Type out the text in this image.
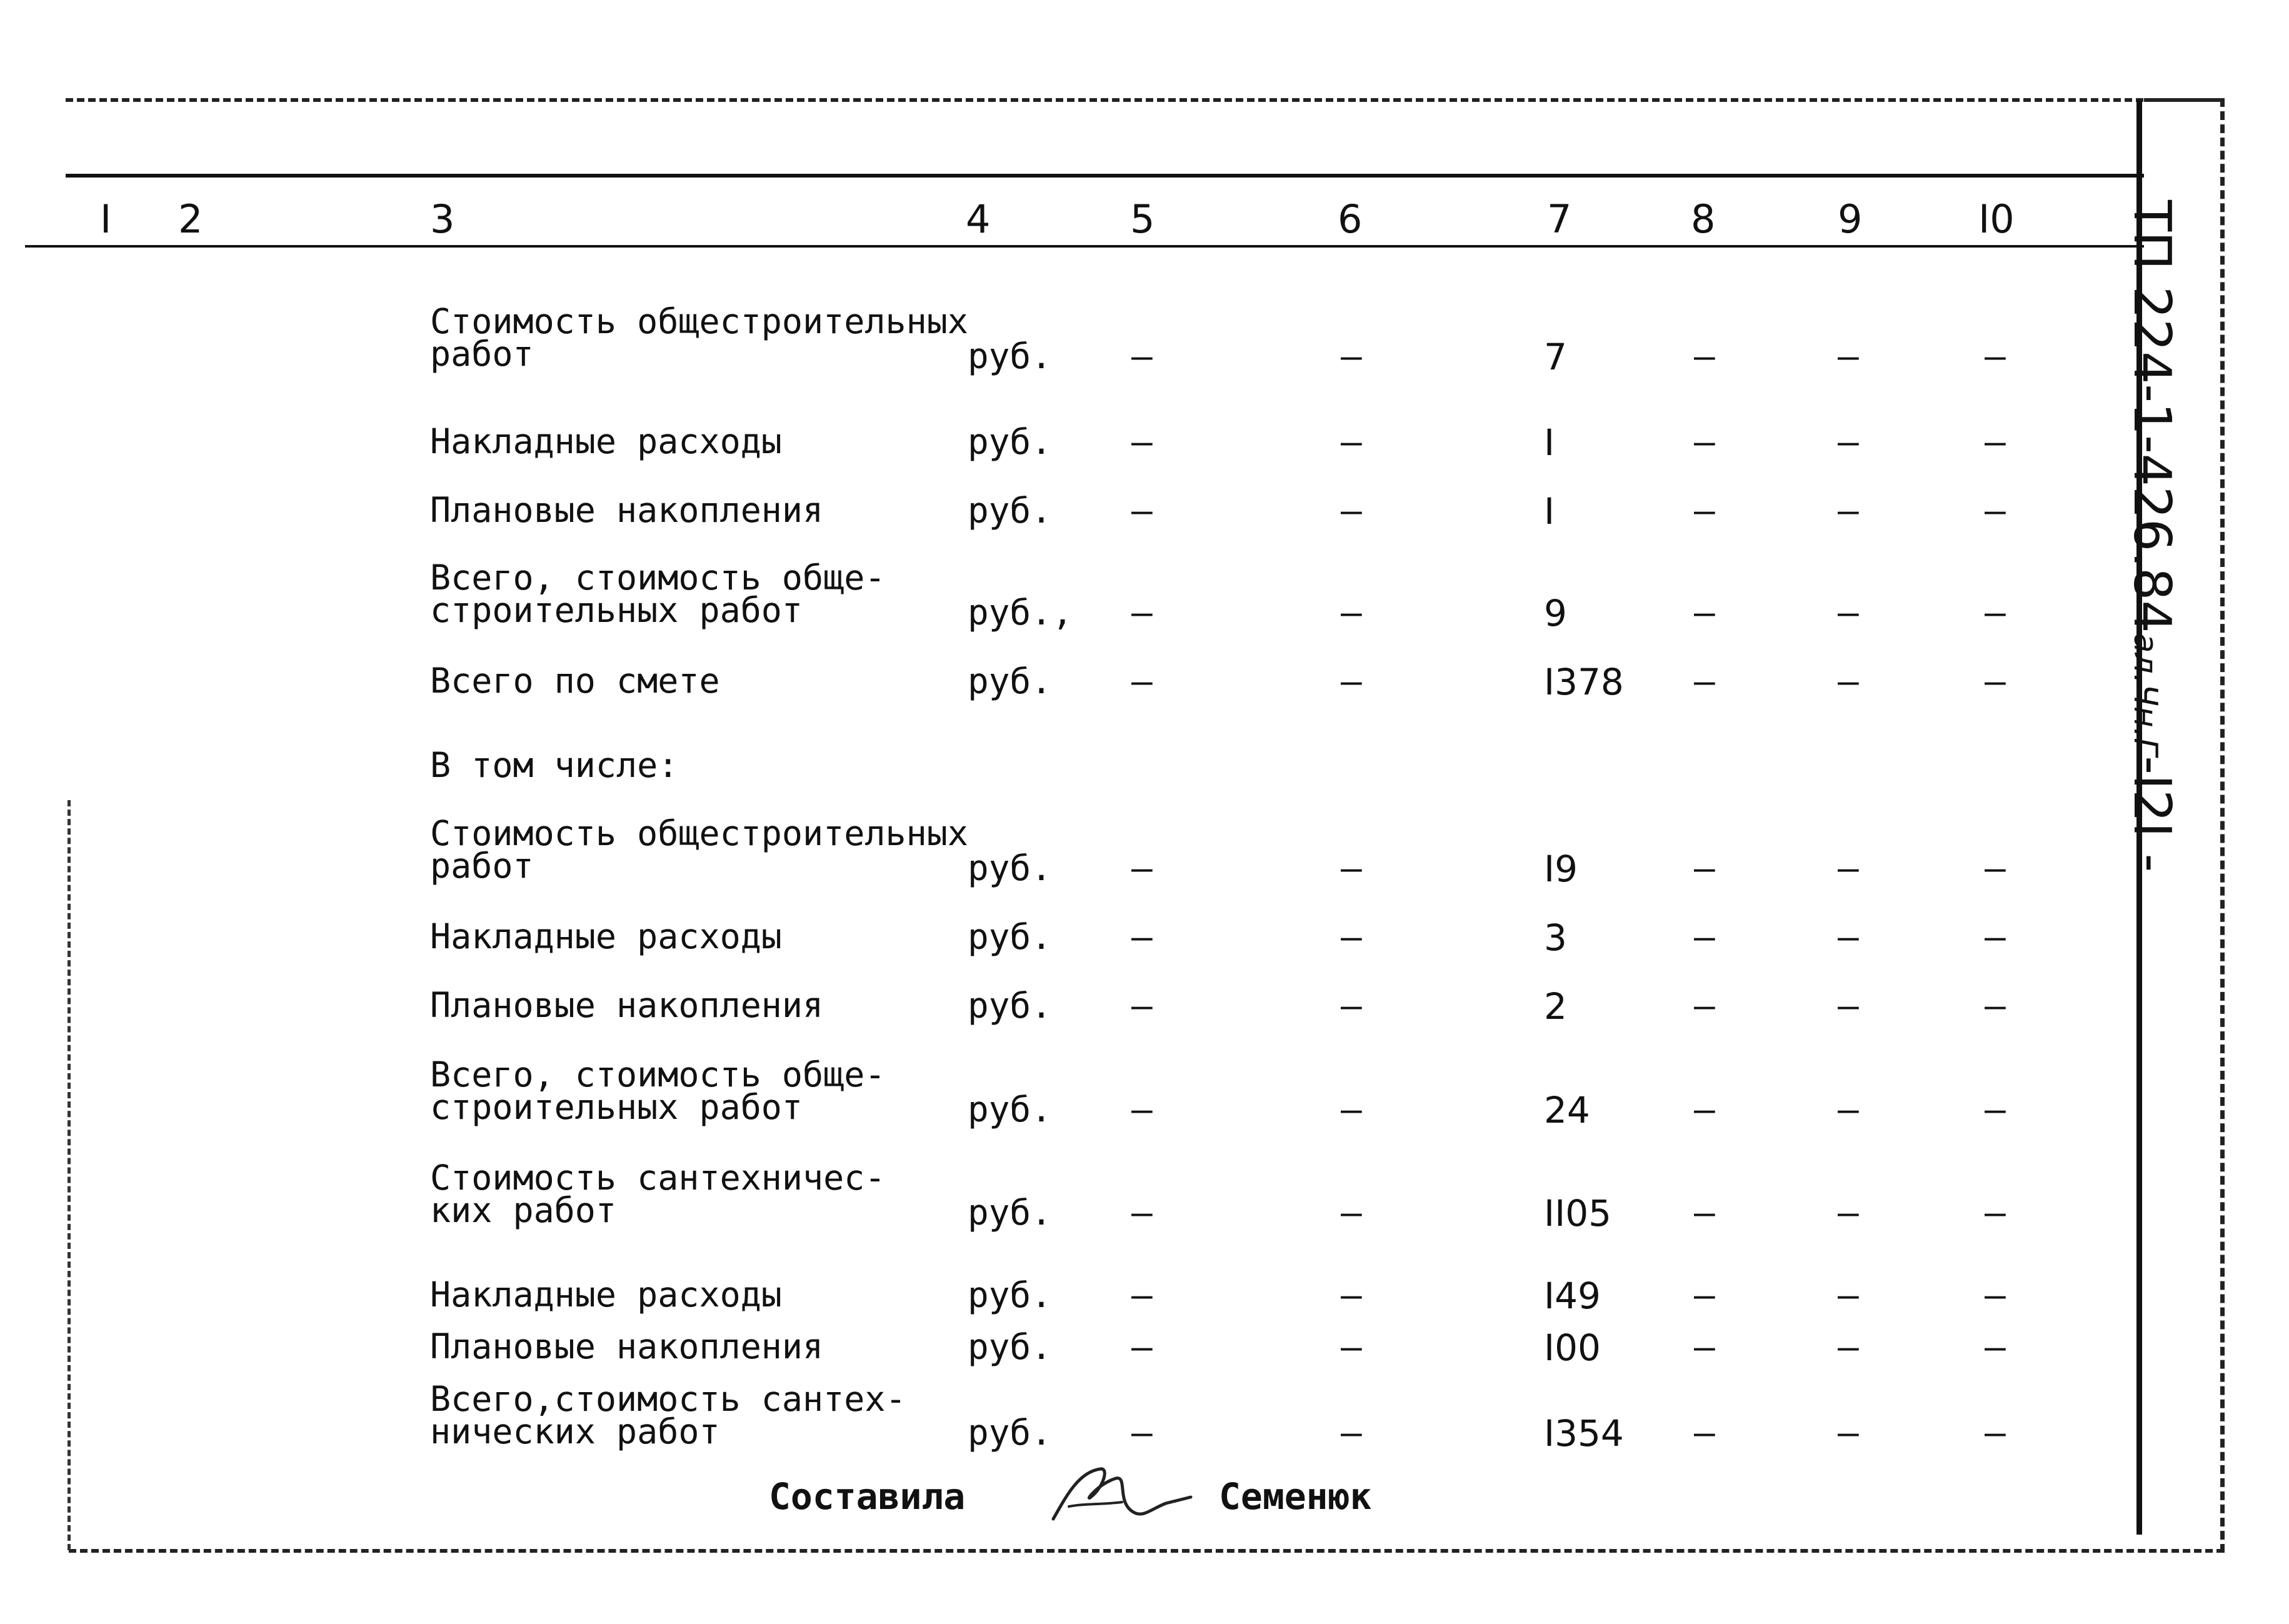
I 2	3	4	5	6	7	8	9	I0
Стоимость общестроительных
работ	руб. –	–	7	–	–	–
Накладные расходы	руб. –	–	I	–	–	–
Плановые накопления	руб. –	–	I	–	–	–
Всего, стоимость обще-
строительных работ	руб., –	–	9	–	–	–
Всего по смете	руб. –	–	I378 –	–	–
В том числе:
Стоимость общестроительных
работ	руб. –	–	I9	–	–	–
Накладные расходы	руб. –	–	3	–	–	–
Плановые накопления	руб. –	–	2	–	–	–
Всего, стоимость обще-
строительных работ	руб. –	–	24	–	–	–
Стоимость сантехничес-
ких работ	руб. –	–	II05 –	–	–
Накладные расходы	руб. –	–	I49	–	–	–
Плановые накопления	руб. –	–	I00	–	–	–
Всего,стоимость сантех-
нических работ	руб. –	–	I354 –	–	–
Составила	Семенюк
ТП 224-1-426.84ал.Чн.Г-I2I -
